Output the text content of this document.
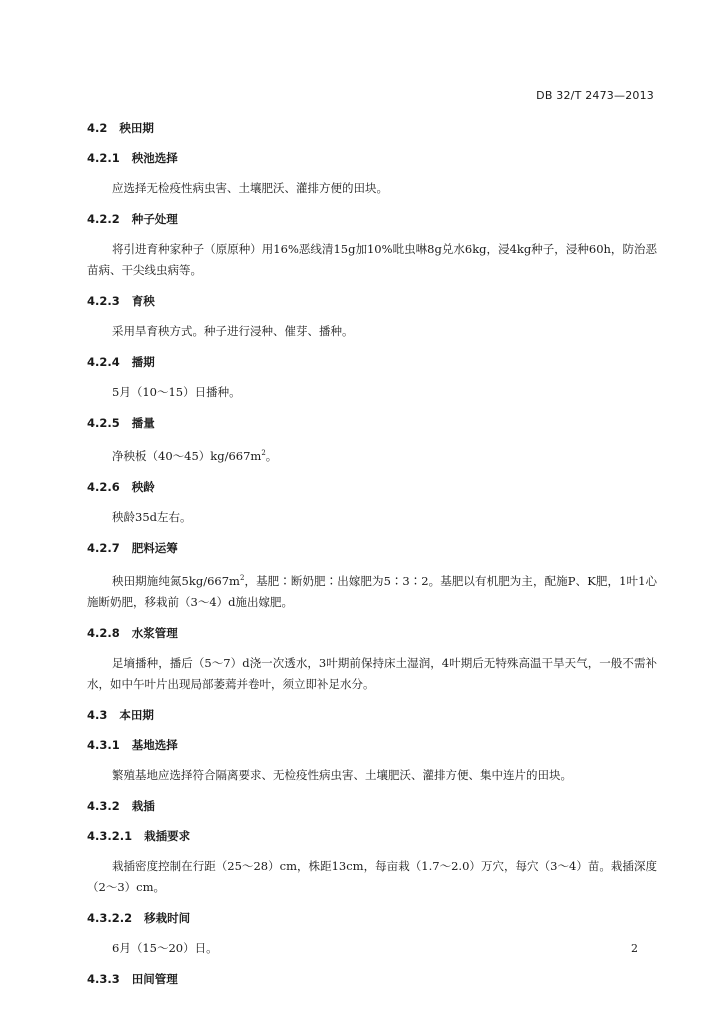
DB 32/T 2473—2013
4.2 秧田期
4.2.1 秧池选择
应选择无检疫性病虫害、土壤肥沃、灌排方便的田块。
4.2.2 种子处理
将引进育种家种子（原原种）用16%恶线清15g加10%吡虫啉8g兑水6kg，浸4kg种子，浸种60h，防治恶苗病、干尖线虫病等。
4.2.3 育秧
采用旱育秧方式。种子进行浸种、催芽、播种。
4.2.4 播期
5月（10～15）日播种。
4.2.5 播量
净秧板$(40\sim 45)kg/667m^2$。
4.2.6 秧龄
秧龄35d左右。
4.2.7 肥料运筹
秧田期施纯氮$5kg/667m^2$，基肥∶断奶肥∶出嫁肥为5∶3∶2。基肥以有机肥为主，配施P、K肥，1叶1心施断奶肥，移栽前（3～4）d施出嫁肥。
4.2.8 水浆管理
足墒播种，播后（5～7）d浇一次透水，3叶期前保持床土湿润，4叶期后无特殊高温干旱天气，一般不需补水，如中午叶片出现局部萎蔫并卷叶，须立即补足水分。
4.3 本田期
4.3.1 基地选择
繁殖基地应选择符合隔离要求、无检疫性病虫害、土壤肥沃、灌排方便、集中连片的田块。
4.3.2 栽插
4.3.2.1 栽插要求
栽插密度控制在行距（25～28）cm，株距13cm，每亩栽（1.7～2.0）万穴，每穴（3～4）苗。栽插深度（2～3）cm。
4.3.2.2 移栽时间
6月（15～20）日。
4.3.3 田间管理
2
